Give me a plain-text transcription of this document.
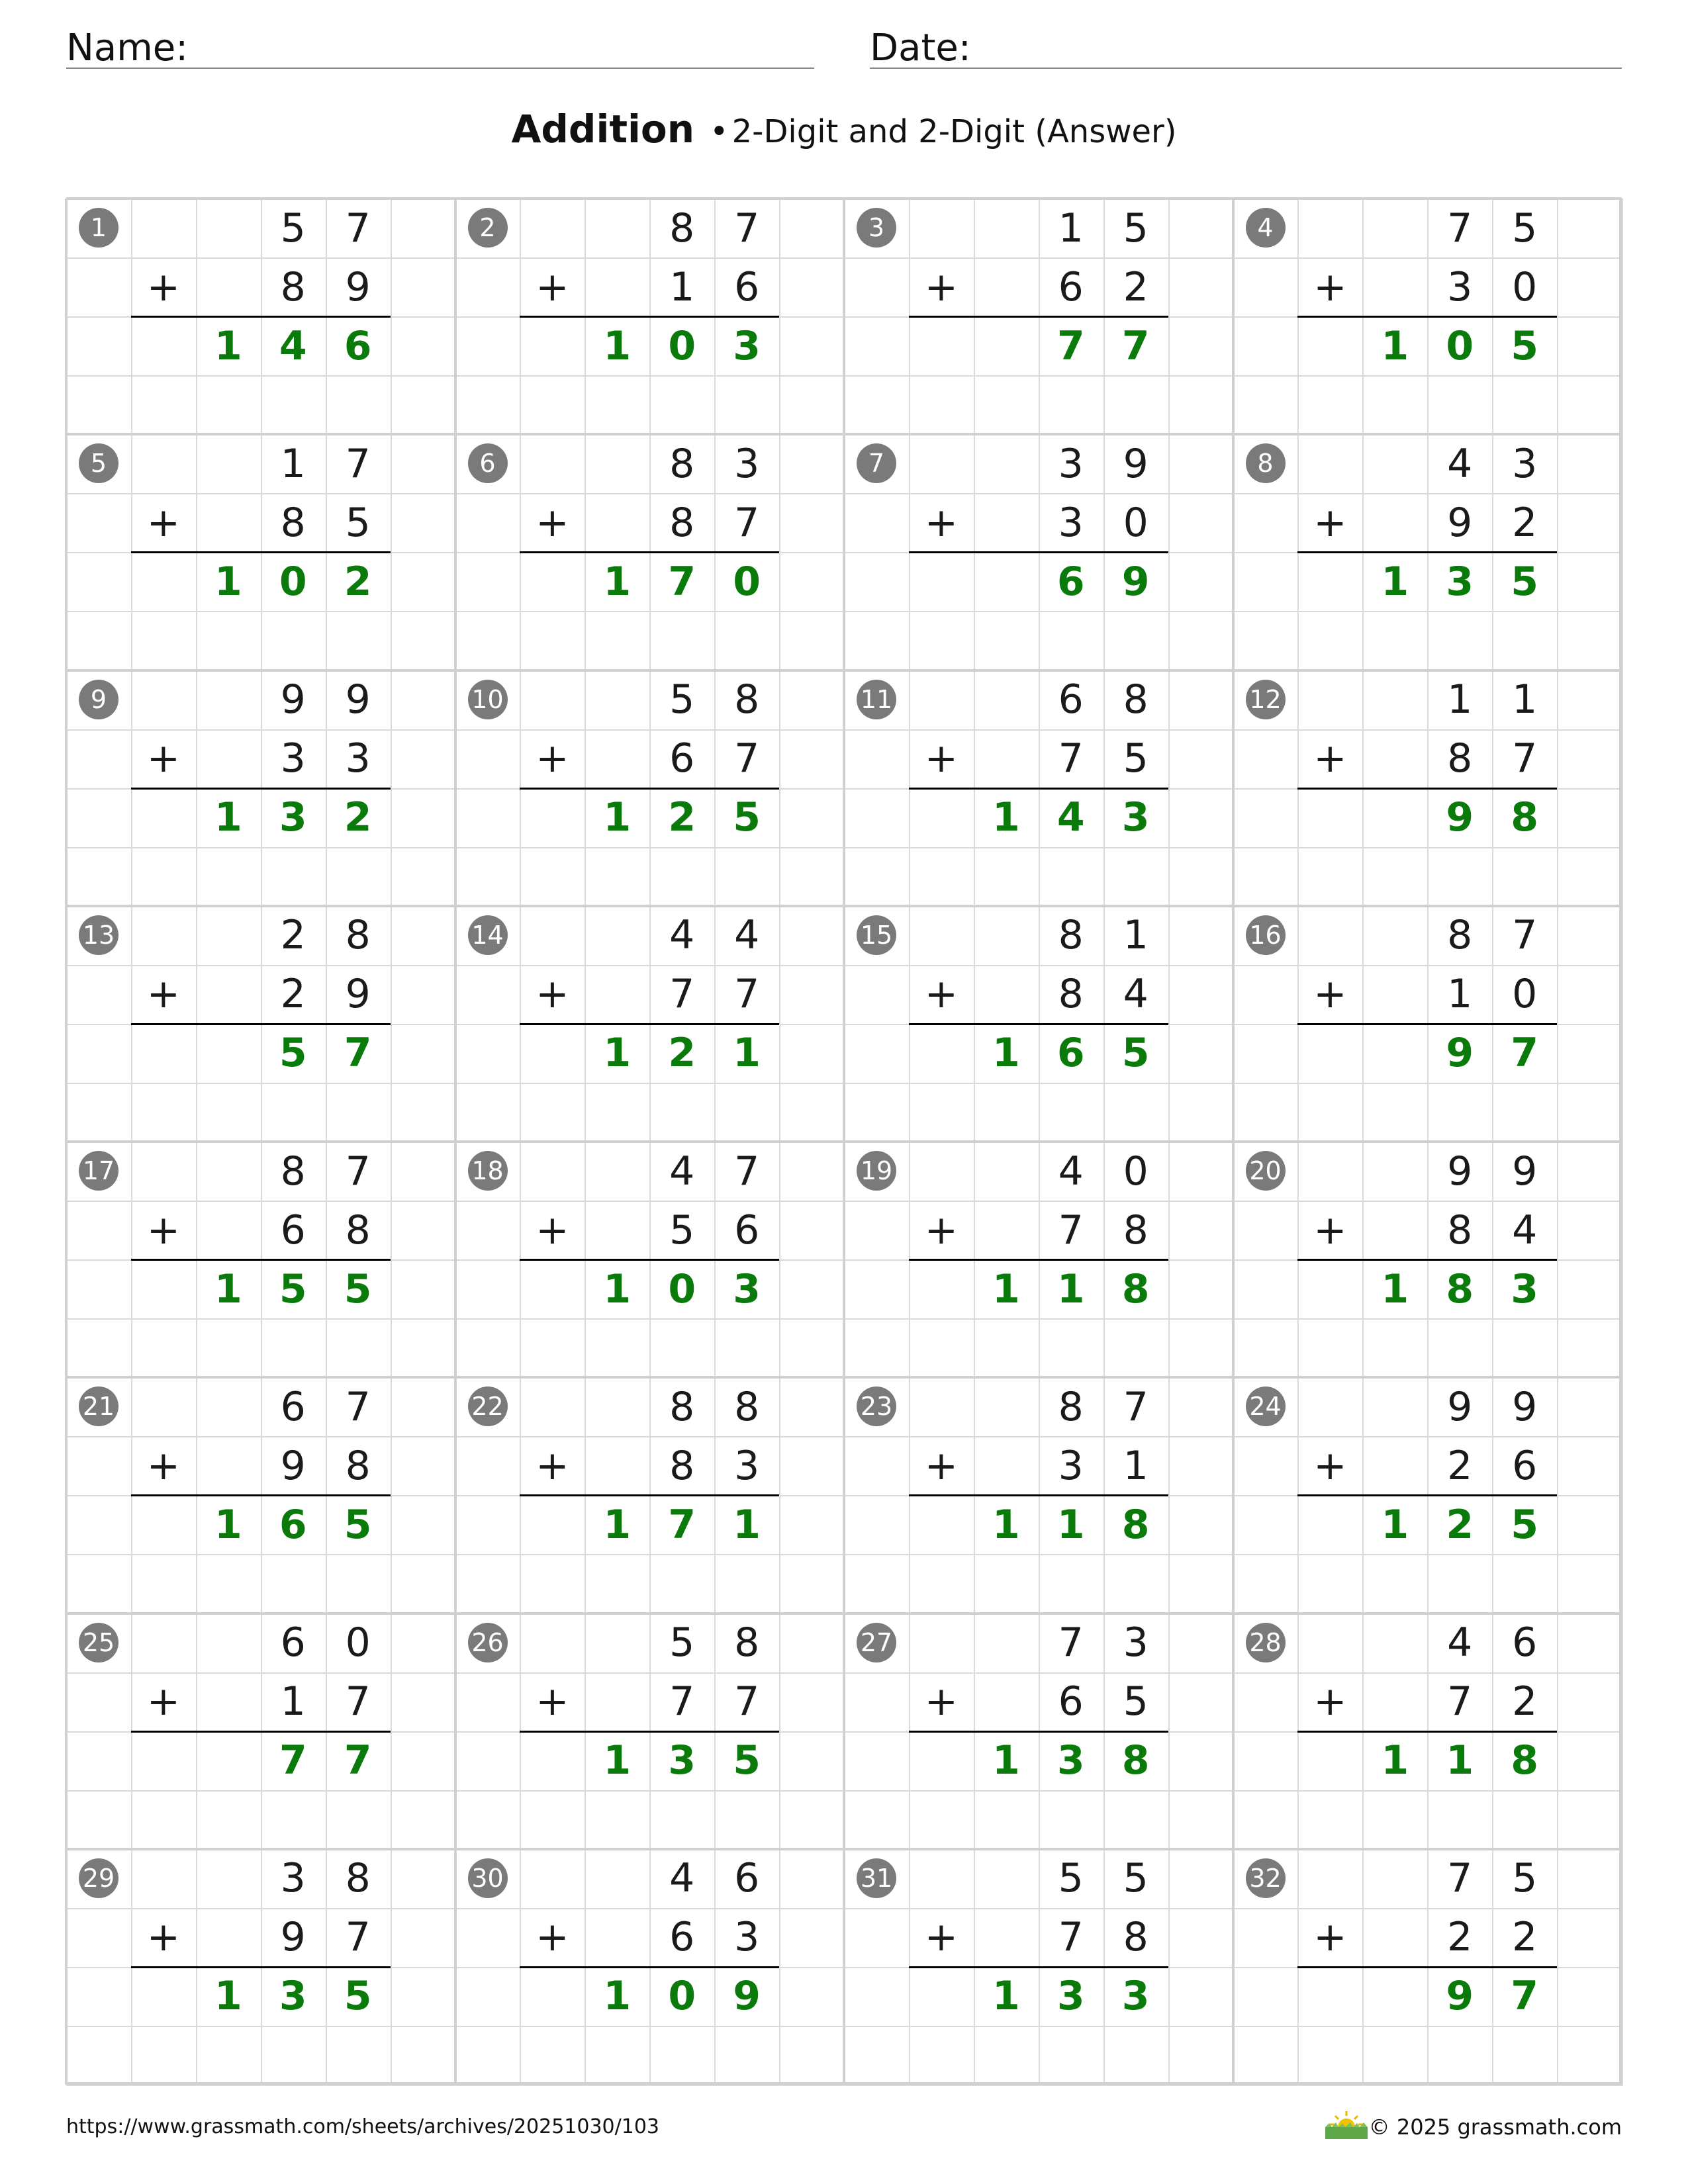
Name:	Date:
Addition • 2-Digit and 2-Digit (Answer)
1	5 7
+	8 9
1 4 6
2	8 7
+	1 6
1 0 3
3	1 5
+	6 2
7 7
4	7 5
+	3 0
1 0 5
5	1 7
+	8 5
1 0 2
6	8 3
+	8 7
1 7 0
7	3 9
+	3 0
6 9
8	4 3
+	9 2
1 3 5
9	9 9
+	3 3
1 3 2
10	5 8
+	6 7
1 2 5
11	6 8
+	7 5
1 4 3
12	1 1
+	8 7
9 8
13	2 8
+	2 9
5 7
14	4 4
+	7 7
1 2 1
15	8 1
+	8 4
1 6 5
16	8 7
+	1 0
9 7
17	8 7
+	6 8
1 5 5
18	4 7
+	5 6
1 0 3
19	4 0
+	7 8
1 1 8
20	9 9
+	8 4
1 8 3
21	6 7
+	9 8
1 6 5
22	8 8
+	8 3
1 7 1
23	8 7
+	3 1
1 1 8
24	9 9
+	2 6
1 2 5
25	6 0
+	1 7
7 7
26	5 8
+	7 7
1 3 5
27	7 3
+	6 5
1 3 8
28	4 6
+	7 2
1 1 8
29	3 8
+	9 7
1 3 5
30	4 6
+	6 3
1 0 9
31	5 5
+	7 8
1 3 3
32	7 5
+	2 2
9 7
https://www.grassmath.com/sheets/archives/20251030/103	© 2025 grassmath.com
